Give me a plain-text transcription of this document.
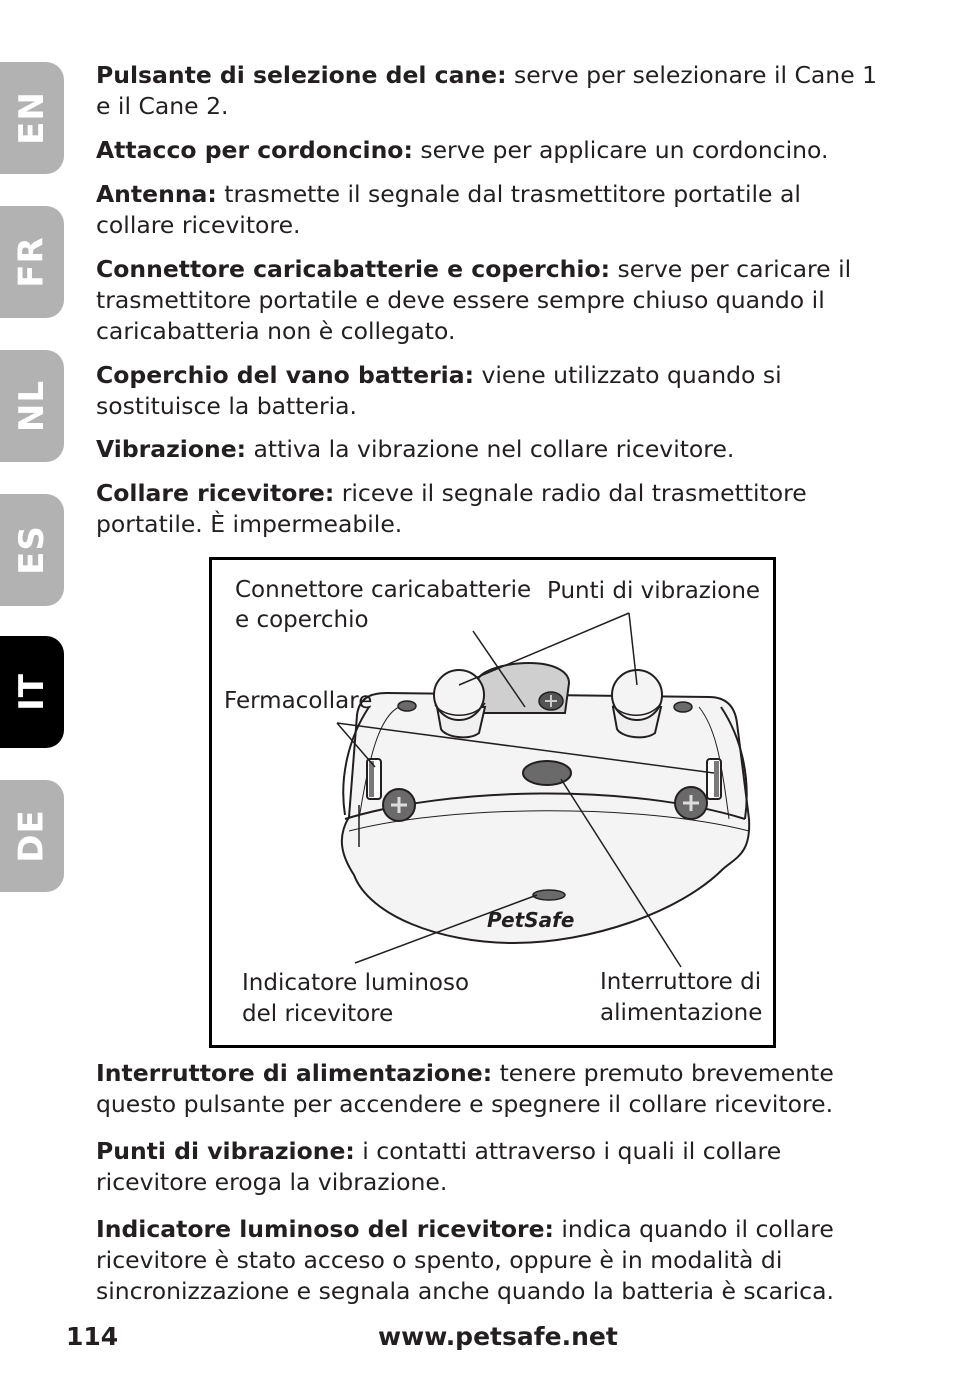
EN
FR
NL
ES
IT
DE

Pulsante di selezione del cane: serve per selezionare il Cane 1 e il Cane 2.

Attacco per cordoncino: serve per applicare un cordoncino.

Antenna: trasmette il segnale dal trasmettitore portatile al collare ricevitore.

Connettore caricabatterie e coperchio: serve per caricare il trasmettitore portatile e deve essere sempre chiuso quando il caricabatteria non è collegato.

Coperchio del vano batteria: viene utilizzato quando si sostituisce la batteria.

Vibrazione: attiva la vibrazione nel collare ricevitore.

Collare ricevitore: riceve il segnale radio dal trasmettitore portatile. È impermeabile.

Connettore caricabatterie
e coperchio
Punti di vibrazione
Fermacollare
Indicatore luminoso
del ricevitore
Interruttore di
alimentazione
PetSafe

Interruttore di alimentazione: tenere premuto brevemente questo pulsante per accendere e spegnere il collare ricevitore.

Punti di vibrazione: i contatti attraverso i quali il collare ricevitore eroga la vibrazione.

Indicatore luminoso del ricevitore: indica quando il collare ricevitore è stato acceso o spento, oppure è in modalità di sincronizzazione e segnala anche quando la batteria è scarica.

114	www.petsafe.net
